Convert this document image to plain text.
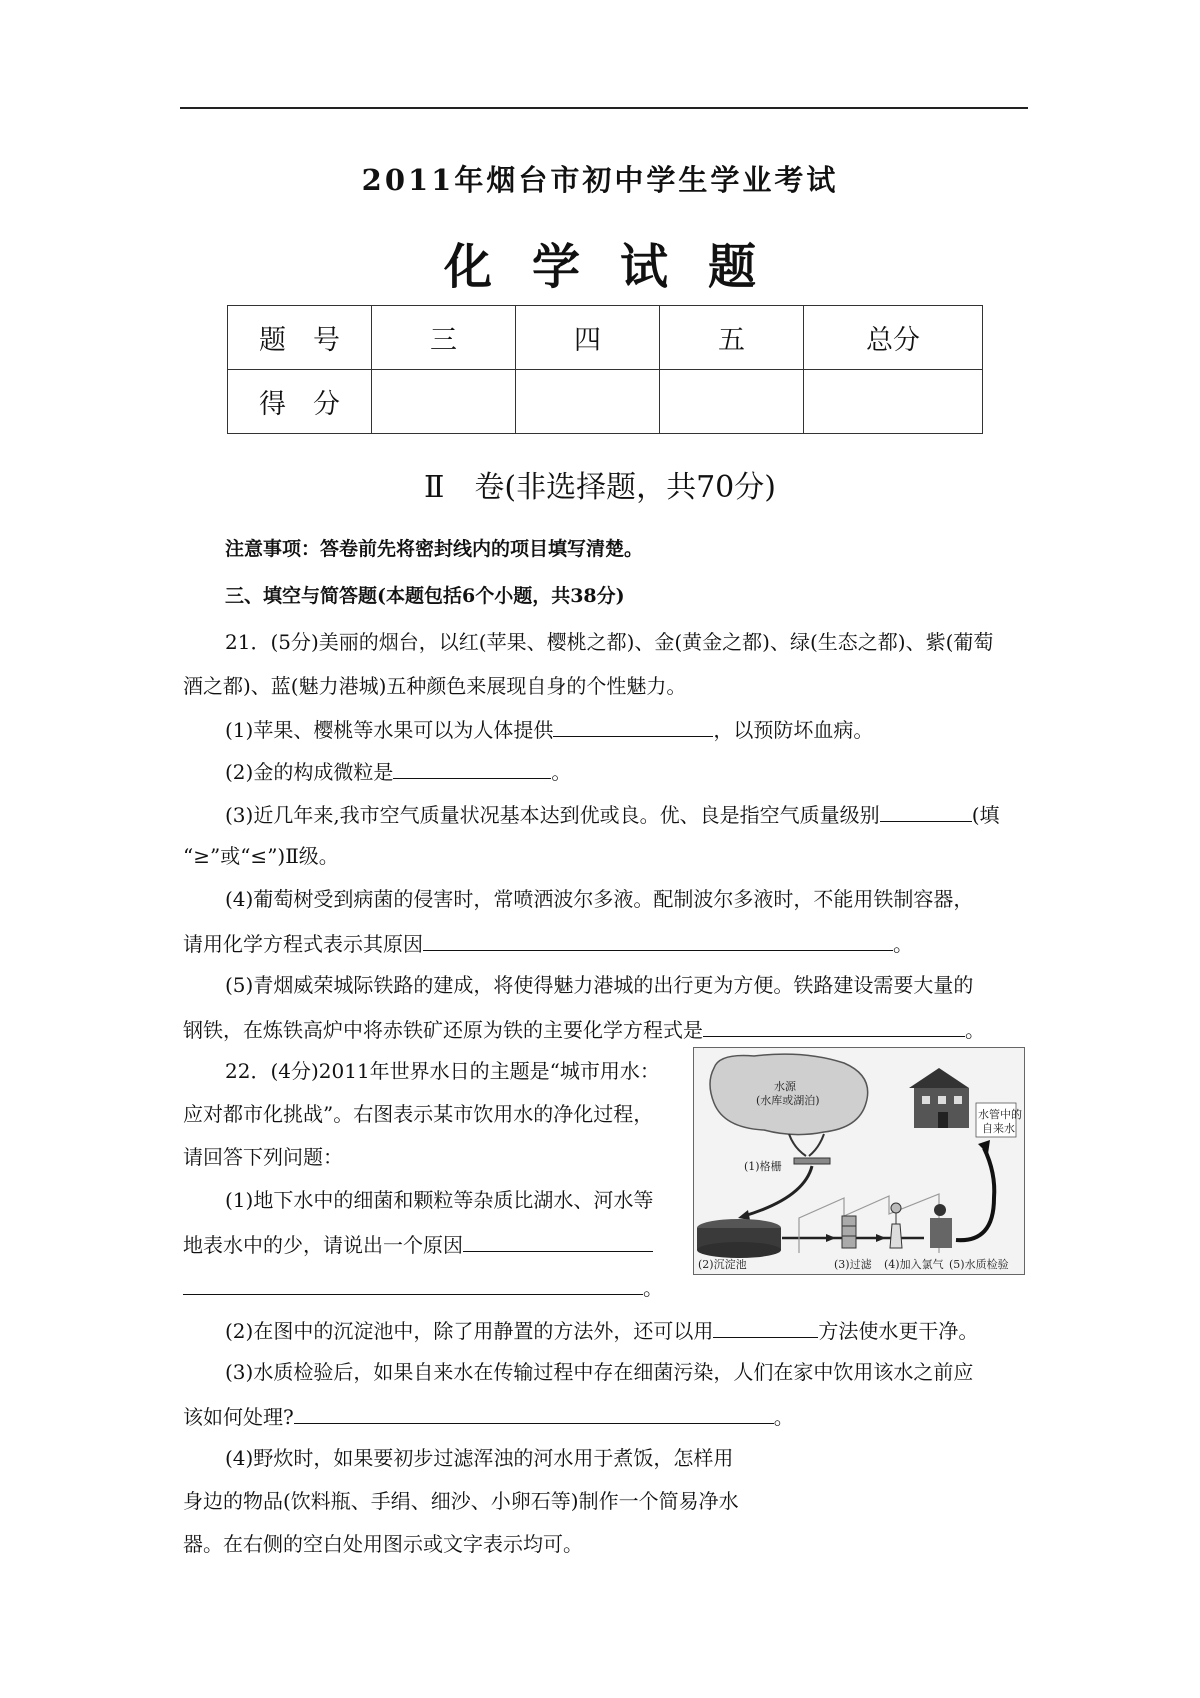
2011年烟台市初中学生学业考试
化学试题
题　号	三	四	五	总分
得　分				
Ⅱ　卷(非选择题，共70分)
注意事项：答卷前先将密封线内的项目填写清楚。
三、填空与简答题(本题包括6个小题，共38分)
21．(5分)美丽的烟台，以红(苹果、樱桃之都)、金(黄金之都)、绿(生态之都)、紫(葡萄
酒之都)、蓝(魅力港城)五种颜色来展现自身的个性魅力。
(1)苹果、樱桃等水果可以为人体提供	，以预防坏血病。
(2)金的构成微粒是	。
(3)近几年来,我市空气质量状况基本达到优或良。优、良是指空气质量级别	(填
“≥”或“≤”)Ⅱ级。
(4)葡萄树受到病菌的侵害时，常喷洒波尔多液。配制波尔多液时，不能用铁制容器，
请用化学方程式表示其原因	。
(5)青烟威荣城际铁路的建成，将使得魅力港城的出行更为方便。铁路建设需要大量的
钢铁，在炼铁高炉中将赤铁矿还原为铁的主要化学方程式是	。
22．(4分)2011年世界水日的主题是“城市用水：
应对都市化挑战”。右图表示某市饮用水的净化过程，
请回答下列问题：
(1)地下水中的细菌和颗粒等杂质比湖水、河水等
地表水中的少，请说出一个原因
。
(2)在图中的沉淀池中，除了用静置的方法外，还可以用	方法使水更干净。
(3)水质检验后，如果自来水在传输过程中存在细菌污染，人们在家中饮用该水之前应
该如何处理?	。
(4)野炊时，如果要初步过滤浑浊的河水用于煮饭，怎样用
身边的物品(饮料瓶、手绢、细沙、小卵石等)制作一个简易净水
器。在右侧的空白处用图示或文字表示均可。
水源
(水库或湖泊)
(1)格栅
(2)沉淀池	(3)过滤 (4)加入氯气 (5)水质检验
水管中的
自来水
